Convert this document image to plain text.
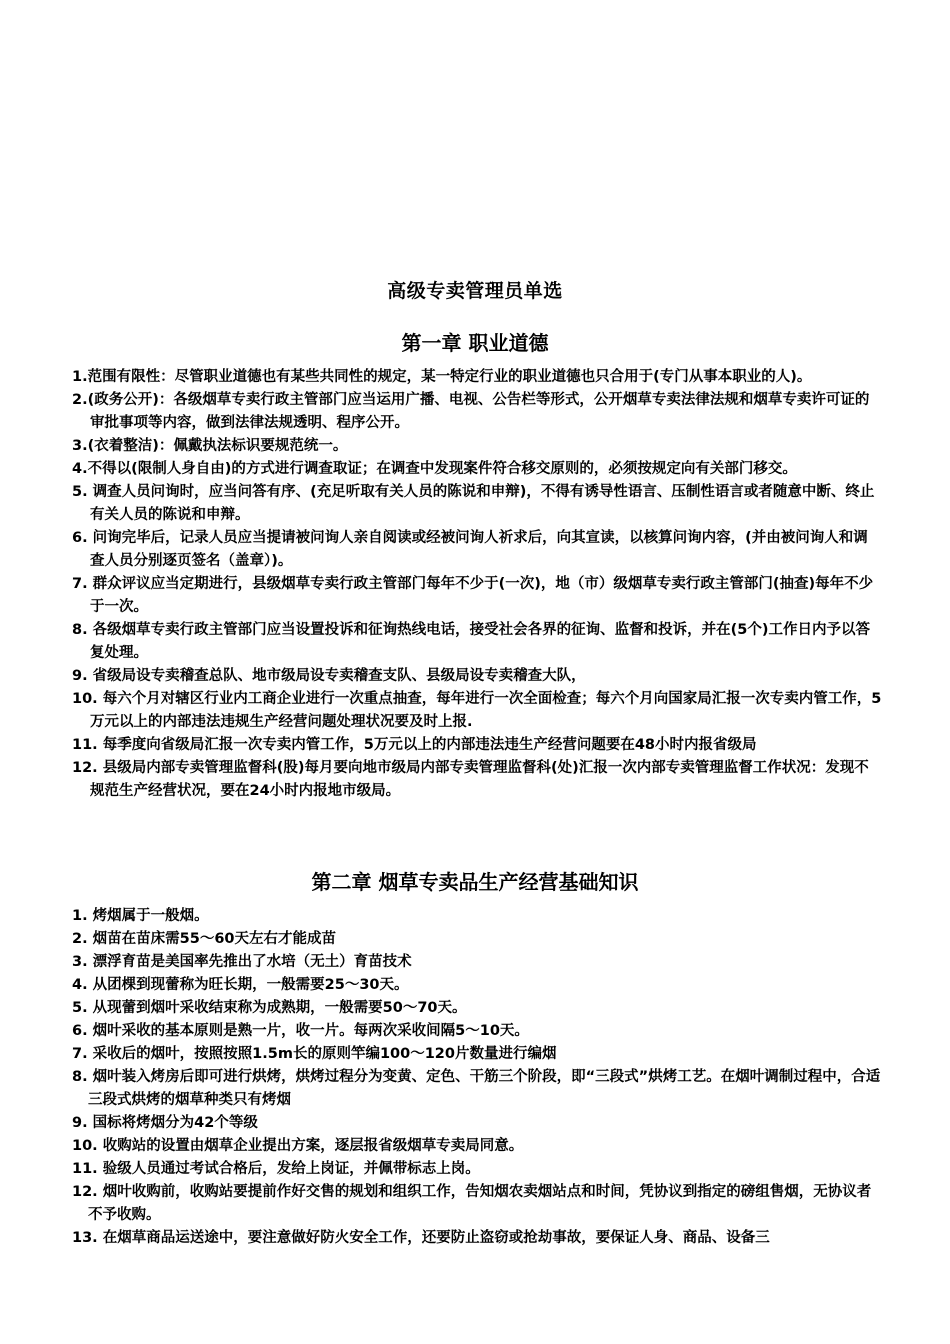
高级专卖管理员单选
第一章 职业道德
1.范围有限性：尽管职业道德也有某些共同性的规定，某一特定行业的职业道德也只合用于(专门从事本职业的人)。
2.(政务公开)：各级烟草专卖行政主管部门应当运用广播、电视、公告栏等形式，公开烟草专卖法律法规和烟草专卖许可证的审批事项等内容，做到法律法规透明、程序公开。
3.(衣着整洁)：佩戴执法标识要规范统一。
4.不得以(限制人身自由)的方式进行调查取证；在调查中发现案件符合移交原则的，必须按规定向有关部门移交。
5. 调查人员问询时，应当问答有序、(充足听取有关人员的陈说和申辩)，不得有诱导性语言、压制性语言或者随意中断、终止有关人员的陈说和申辩。
6. 问询完毕后，记录人员应当提请被问询人亲自阅读或经被问询人祈求后，向其宣读，以核算问询内容，(并由被问询人和调查人员分别逐页签名（盖章）)。
7. 群众评议应当定期进行，县级烟草专卖行政主管部门每年不少于(一次)，地（市）级烟草专卖行政主管部门(抽查)每年不少于一次。
8. 各级烟草专卖行政主管部门应当设置投诉和征询热线电话，接受社会各界的征询、监督和投诉，并在(5个)工作日内予以答复处理。
9. 省级局设专卖稽查总队、地市级局设专卖稽查支队、县级局设专卖稽查大队，
10. 每六个月对辖区行业内工商企业进行一次重点抽查，每年进行一次全面检查；每六个月向国家局汇报一次专卖内管工作，5万元以上的内部违法违规生产经营问题处理状况要及时上报.
11. 每季度向省级局汇报一次专卖内管工作，5万元以上的内部违法违生产经营问题要在48小时内报省级局
12. 县级局内部专卖管理监督科(股)每月要向地市级局内部专卖管理监督科(处)汇报一次内部专卖管理监督工作状况：发现不规范生产经营状况，要在24小时内报地市级局。
第二章 烟草专卖品生产经营基础知识
1. 烤烟属于一般烟。
2. 烟苗在苗床需55～60天左右才能成苗
3. 漂浮育苗是美国率先推出了水培（无土）育苗技术
4. 从团棵到现蕾称为旺长期，一般需要25～30天。
5. 从现蕾到烟叶采收结束称为成熟期，一般需要50～70天。
6. 烟叶采收的基本原则是熟一片，收一片。每两次采收间隔5～10天。
7. 采收后的烟叶，按照按照1.5m长的原则竿编100～120片数量进行编烟
8. 烟叶装入烤房后即可进行烘烤，烘烤过程分为变黄、定色、干筋三个阶段，即“三段式”烘烤工艺。在烟叶调制过程中，合适三段式烘烤的烟草种类只有烤烟
9. 国标将烤烟分为42个等级
10. 收购站的设置由烟草企业提出方案，逐层报省级烟草专卖局同意。
11. 验级人员通过考试合格后，发给上岗证，并佩带标志上岗。
12. 烟叶收购前，收购站要提前作好交售的规划和组织工作，告知烟农卖烟站点和时间，凭协议到指定的磅组售烟，无协议者不予收购。
13. 在烟草商品运送途中，要注意做好防火安全工作，还要防止盗窃或抢劫事故，要保证人身、商品、设备三
